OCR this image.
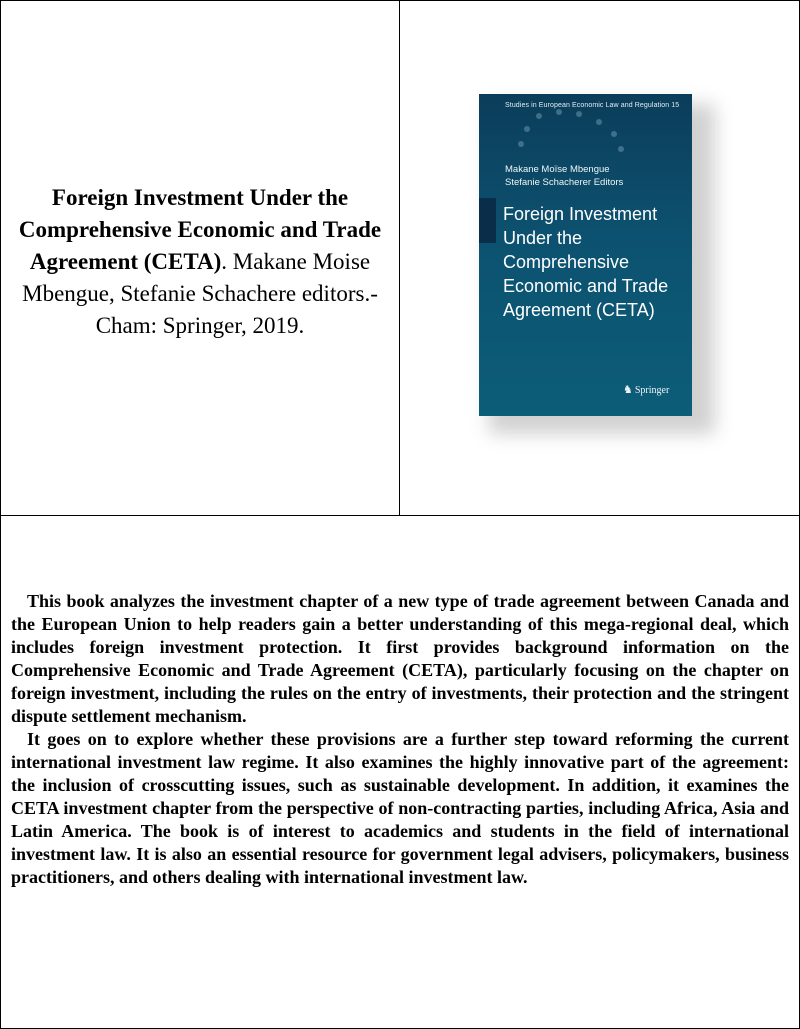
Foreign Investment Under the Comprehensive Economic and Trade Agreement (CETA). Makane Moise Mbengue, Stefanie Schachere editors.- Cham: Springer, 2019.
Studies in European Economic Law and Regulation 15
Makane Moïse Mbengue
Stefanie Schacherer Editors
Foreign Investment Under the Comprehensive Economic and Trade Agreement (CETA)
♞ Springer

This book analyzes the investment chapter of a new type of trade agreement between Canada and the European Union to help readers gain a better understanding of this mega-regional deal, which includes foreign investment protection. It first provides background information on the Comprehensive Economic and Trade Agreement (CETA), particularly focusing on the chapter on foreign investment, including the rules on the entry of investments, their protection and the stringent dispute settlement mechanism.

It goes on to explore whether these provisions are a further step toward reforming the current international investment law regime. It also examines the highly innovative part of the agreement: the inclusion of crosscutting issues, such as sustainable development. In addition, it examines the CETA investment chapter from the perspective of non-contracting parties, including Africa, Asia and Latin America. The book is of interest to academics and students in the field of international investment law. It is also an essential resource for government legal advisers, policymakers, business practitioners, and others dealing with international investment law.
